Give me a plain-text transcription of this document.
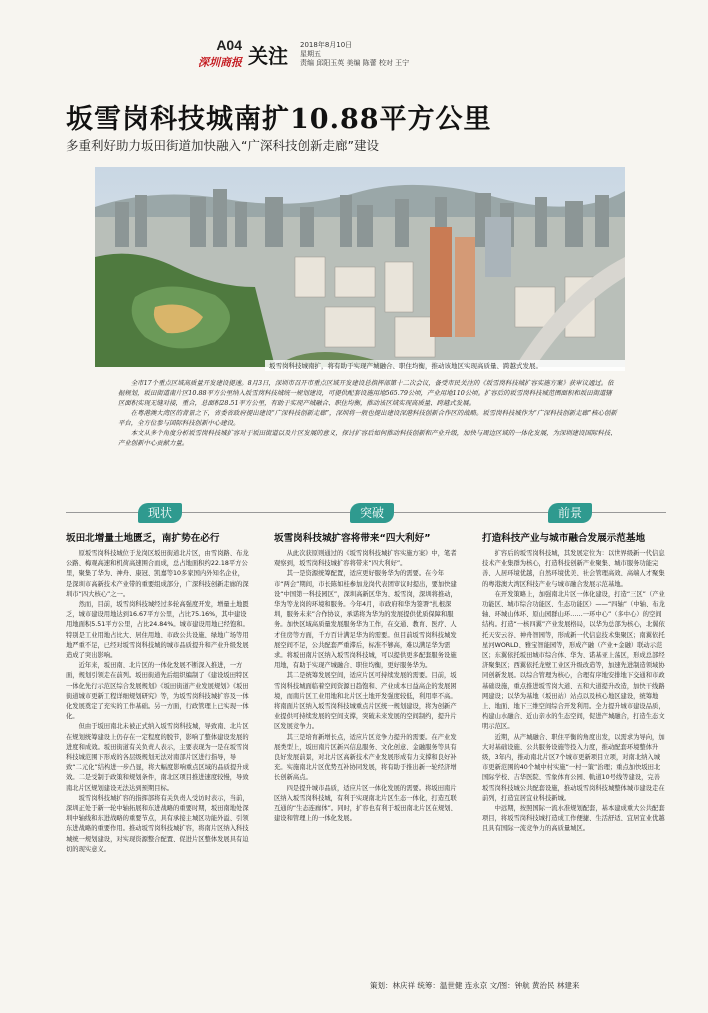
A04
深圳商报 关注 2018年8月10日
星期五
责编 邱阳玉英 美编 陈蕾 校对 王宁
坂雪岗科技城南扩10.88平方公里
多重利好助力坂田街道加快融入“广深科技创新走廊”建设
坂雪岗科技城南扩，将有助于实现产城融合、职住均衡，推动该地区实现高质量、跨越式发展。

全市17个重点区域高质量开发建设提速。8月3日，深圳市召开市重点区域开发建设总指挥部第十二次会议，备受市民关注的《坂雪岗科技城扩容实施方案》获审议通过。依据规划，坂田街道南片区10.88平方公里纳入坂雪岗科技城统一规划建设，可提供配套设施用地565.79公顷，产业用地110公顷。扩容后的坂雪岗科技城范围面积和坂田街道辖区面积实现无缝对接，重合，总面积28.51平方公里，有助于实现产城融合、职住均衡，推动该区域实现高质量、跨越式发展。

在粤港澳大湾区的背景之下，省委省政府提出建设“广深科技创新走廊”，深圳将一般也提出建设深港科技创新合作区的战略。坂雪岗科技城作为“广深科技创新走廊”核心创新平台，全方位参与国际科技创新中心建设。

本文从多个角度分析坂雪岗科技城扩容对于坂田街道以及片区发展的意义，探讨扩容后如何推动科技创新和产业升级，加快与周边区域的一体化发展，为深圳建设国际科技、产业创新中心贡献力量。

现状	突破	前景
坂田北增量土地匮乏，南扩势在必行

原坂雪岗科技城位于龙岗区坂田街道北片区，由雪岗路、布龙公路、梅观高速和机荷高速围合而成，总占地面积约22.18平方公里，聚集了华为、神舟、康冠、凯嘉等10多家国内外知名企业，是深圳市高新技术产业带的重要组成部分，广深科技创新走廊的深圳市“四大核心”之一。

然而，目前，坂雪岗科技城经过多轮高强度开发，增量土地匮乏，城市建设用地达到16.67平方公里，占比75.16%，其中建设用地面积5.51平方公里，占比24.84%。城市建设用地已经饱和。特别是工业用地占比大、居住用地、市政公共设施、绿地广场等用地严重不足，已经对坂雪岗科技城的城市品质提升和产业升级发展造成了突出影响。

近年来，坂田南、北片区的一体化发展不断深入推进，一方面，规划引领走在前列。坂田街道先后组织编制了《建设坂田特区一体化先行示范区综合发展规划》《坂田街道产业发展规划》《坂田街道城市更新工程详细规划研究》等，为坂雪岗科技城扩容及一体化发展奠定了充实的工作基础。另一方面，行政管理上已实现一体化。

但由于坂田南北未被正式纳入坂雪岗科技城，导致南、北片区在规划统筹建设上仍存在一定程度的脱节，影响了整体建设发展的进度和成效。坂田街道有关负责人表示，主要表现为一是在坂雪岗科技城范围下形成的各层级规划无法对南部片区进行指导，导致“二元化”结构进一步凸显，将大幅度影响重点区域的品质提升成效。二是受制于政策和规划条件，南北区项目推进速度较慢，导致南北片区规划建设无法达到预期目标。

坂雪岗科技城扩容的指挥部将有关负责人受访时表示，当前，深圳正处于新一轮中轴拓展和东进战略的重要时期，坂田南地处深圳中轴线和东进战略的重要节点，具有承接主城区功能外溢、引领东进战略的重要作用。推动坂雪岗科技城扩容，将南片区纳入科技城统一规划建设，对实现资源整合配置、促进片区整体发展具有迫切的现实意义。

坂雪岗科技城扩容将带来“四大利好”

从此次获原则通过的《坂雪岗科技城扩容实施方案》中，笔者观察到，坂雪岗科技城扩容将带来“四大利好”。

其一是资源统筹配置，适应更好服务华为的需要。在今年市“两会”期间，市长陈如桂参加龙岗代表团审议时提出，要加快建设“中国第一科技园区”，深圳高新区华为、坂雪岗，深圳将推动，华为等龙岗的环境和服务。今年4月，市政府和华为签署“扎根深圳，服务未来”合作协议，承诺将为华为的发展提供优质保障和服务。加快区域高质量发展服务华为工作，在交通、教育、医疗、人才住房等方面，千方百计满足华为的需要。但目前坂雪岗科技城发展空间不足，公共配套严重滞后，标准不够高，难以满足华为需求。将坂田南片区纳入坂雪岗科技城，可以提供更多配套服务设施用地，有助于实现产城融合、职住均衡，更好服务华为。

其二是统筹发展空间，适应片区可持续发展的需要。目前，坂雪岗科技城面临着空间资源日趋饱和、产业成本日益高企的发展困境，而南片区工业用地和北片区土地开发强度较低，利用率不高。将南面片区纳入坂雪岗科技城重点片区统一规划建设，将为创新产业提供可持续发展的空间支撑，突破未来发展的空间制约，提升片区发展竞争力。

其三是培育新增长点，适应片区竞争力提升的需要。在产业发展类型上，坂田南片区新兴信息服务、文化创意、金融服务等具有良好发展前景，对北片区高新技术产业发展形成有力支撑和良好补充。实施南北片区优势互补协同发展，将有助于推出新一轮经济增长创新高点。

四是提升城市品质，适应片区一体化发展的需要。将坂田南片区纳入坂雪岗科技城，有利于实现南北片区生态一体化，打造互联互通的“生态连廊体”。同时，扩容也有利于坂田南北片区在规划、建设和管理上的一体化发展。

打造科技产业与城市融合发展示范基地

扩容后的坂雪岗科技城，其发展定位为：以世界级新一代信息技术产业集群为核心，打造科技创新产业聚集、城市服务功能完善、人居环境优越，自然环境优美、社会管理高效、高端人才聚集的粤港澳大湾区科技产业与城市融合发展示范基地。

在开发策略上，加强南北片区一体化建设，打造“三区”（产业功能区、城市综合功能区、生态功能区）——“四轴”（中轴、布龙轴、环城山体环、原山园群山环……一环中心”（多中心）的空间结构。打造“一核四翼”产业发展格局，以华为总部为核心，北翼依托天安云谷、神舟智园等，形成新一代信息技术集聚区；南翼依托星河WORLD、雅宝智能园等，形成产融（产业+金融）联动示范区；东翼依托坂田城市综合体、华为、诺基亚上荡区，形成总部经济聚集区；西翼依托龙壁工业区升级改造等，加速先进制造领域协同创新发展。以综合管理为核心，合理有序地安排地下交通和市政基础设施，重点推进坂雪岗大道、五和大道提升改造，加快干线路网建设；以华为基地（坂田站）站点以及核心地区建设，统筹地上、地面、地下三维空间综合开发利用。全力提升城市建设品质，构建山水融合、近山亲水的生态空间，促进产城融合，打造生态文明示范区。

近期，从产城融合、职住平衡的角度出发，以需求为导向，加大对基础设施、公共服务设施等投入力度，推动配套环境整体升级，3年内，推动南北片区7个城市更新项目立项，对南北纳入城市更新范围的40个城中村实施“一村一策”治理；重点加快坂田北国际学校、吉华医院、雪象体育公园、軌道10号线等建设，完善坂雪岗科技城公共配套设施，推动坂雪岗科技城整体城市建设走在前列，打造宜居宜业科技新城。

中远期，按照国际一流水准规划配套，基本建成重大公共配套项目，将坂雪岗科技城打造成工作便捷、生活舒适、宜居宜业优越且具有国际一流竞争力的高质量城区。

策划：林庆祥 统筹：温世健 连永京 文/图：钟航 黄治民 林建来
